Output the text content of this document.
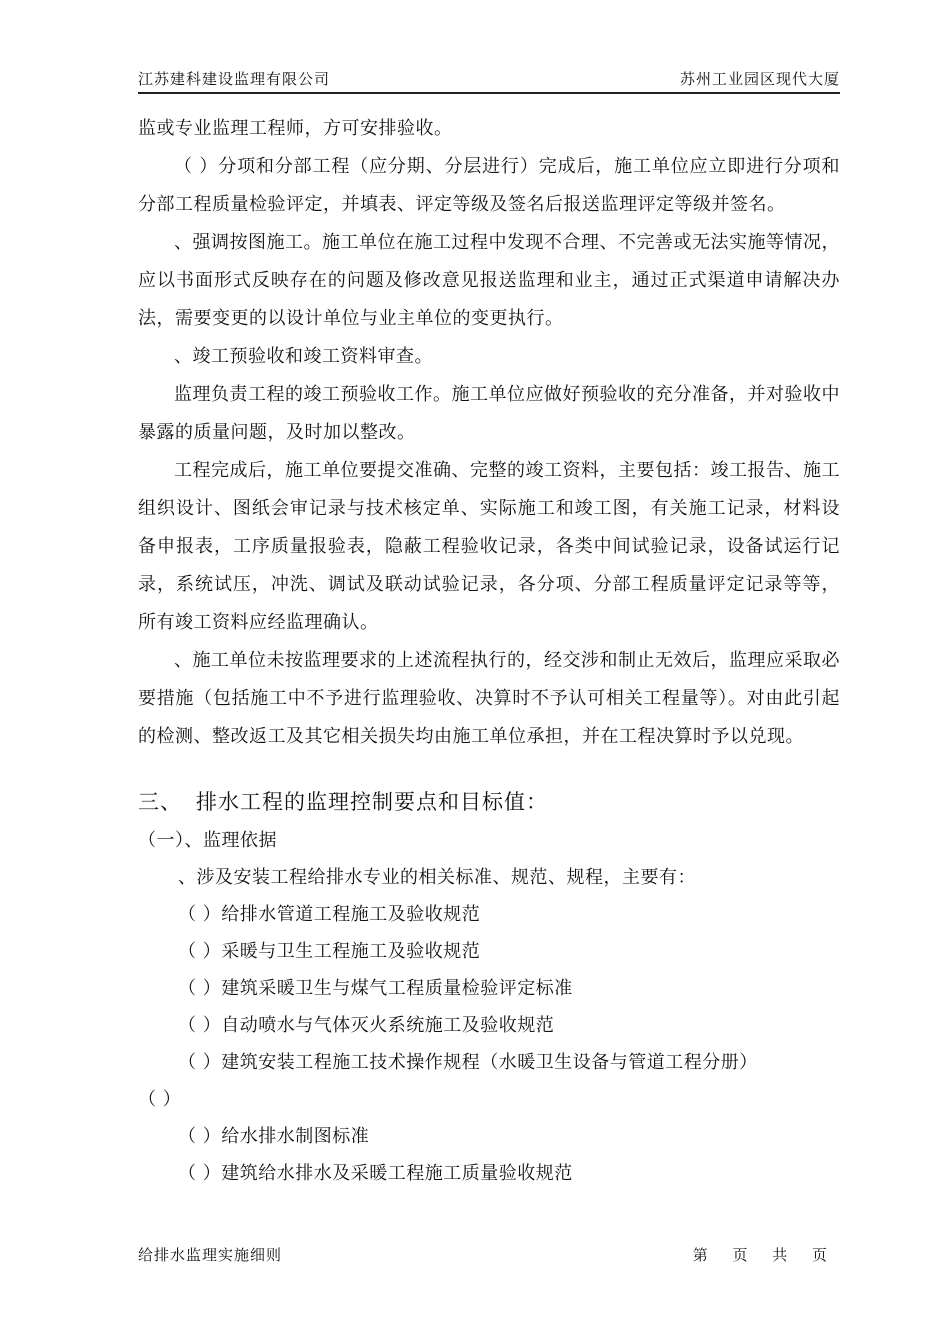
江苏建科建设监理有限公司	苏州工业园区现代大厦

监或专业监理工程师，方可安排验收。

（ ）分项和分部工程（应分期、分层进行）完成后，施工单位应立即进行分项和分部工程质量检验评定，并填表、评定等级及签名后报送监理评定等级并签名。

、强调按图施工。施工单位在施工过程中发现不合理、不完善或无法实施等情况，应以书面形式反映存在的问题及修改意见报送监理和业主，通过正式渠道申请解决办法，需要变更的以设计单位与业主单位的变更执行。

、竣工预验收和竣工资料审查。

监理负责工程的竣工预验收工作。施工单位应做好预验收的充分准备，并对验收中暴露的质量问题，及时加以整改。

工程完成后，施工单位要提交准确、完整的竣工资料，主要包括：竣工报告、施工组织设计、图纸会审记录与技术核定单、实际施工和竣工图，有关施工记录，材料设备申报表，工序质量报验表，隐蔽工程验收记录，各类中间试验记录，设备试运行记录，系统试压，冲洗、调试及联动试验记录，各分项、分部工程质量评定记录等等，所有竣工资料应经监理确认。

、施工单位未按监理要求的上述流程执行的，经交涉和制止无效后，监理应采取必要措施（包括施工中不予进行监理验收、决算时不予认可相关工程量等）。对由此引起的检测、整改返工及其它相关损失均由施工单位承担，并在工程决算时予以兑现。

三、 排水工程的监理控制要点和目标值：

（一）、监理依据

、涉及安装工程给排水专业的相关标准、规范、规程，主要有：

（ ）给排水管道工程施工及验收规范

（ ）采暖与卫生工程施工及验收规范

（ ）建筑采暖卫生与煤气工程质量检验评定标准

（ ）自动喷水与气体灭火系统施工及验收规范

（ ）建筑安装工程施工技术操作规程（水暖卫生设备与管道工程分册）

（ ）

（ ）给水排水制图标准

（ ）建筑给水排水及采暖工程施工质量验收规范

给排水监理实施细则	第 页 共 页
